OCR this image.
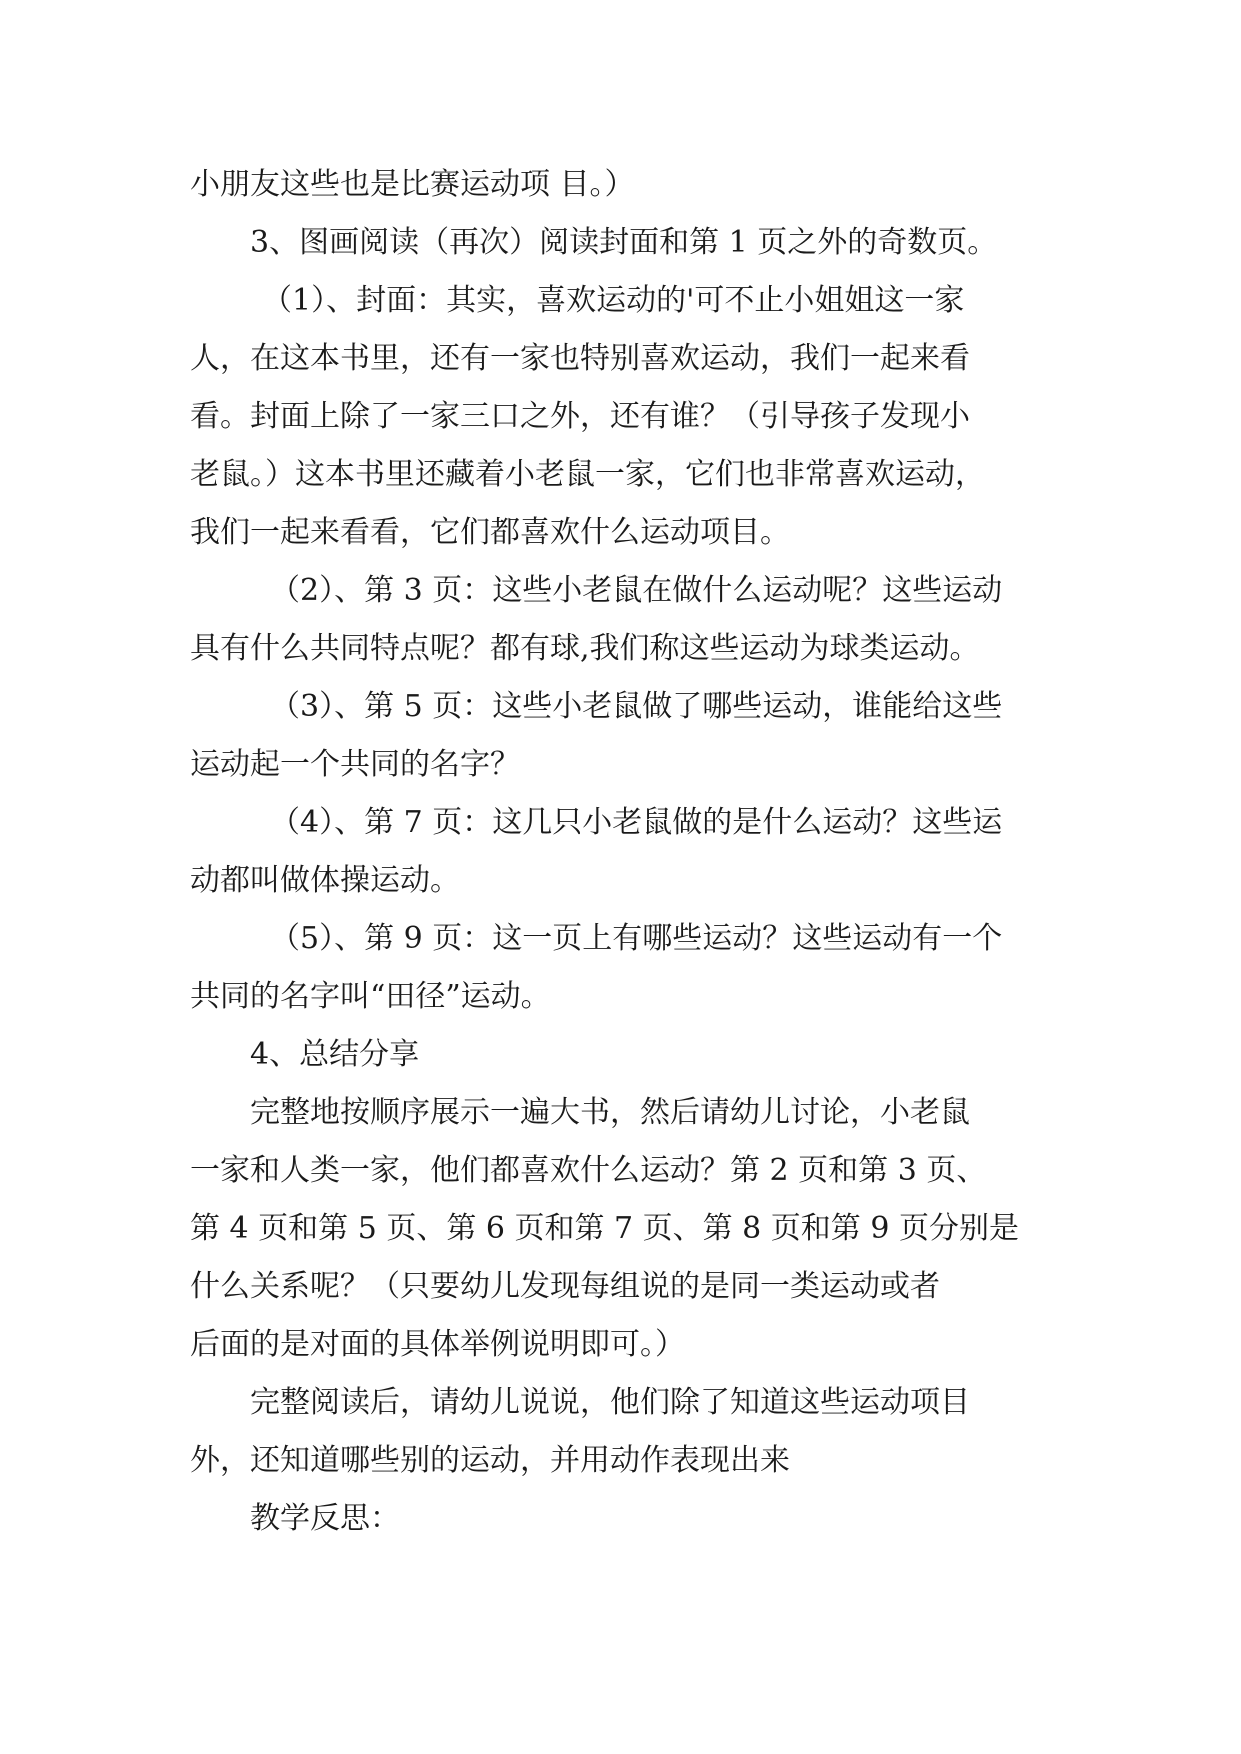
小朋友这些也是比赛运动项 目。）
3、图画阅读（再次）阅读封面和第 1 页之外的奇数页。
（1）、封面：其实，喜欢运动的'可不止小姐姐这一家
人，在这本书里，还有一家也特别喜欢运动，我们一起来看
看。封面上除了一家三口之外，还有谁？（引导孩子发现小
老鼠。）这本书里还藏着小老鼠一家，它们也非常喜欢运动，
我们一起来看看，它们都喜欢什么运动项目。
（2）、第 3 页：这些小老鼠在做什么运动呢？这些运动
具有什么共同特点呢？都有球,我们称这些运动为球类运动。
（3）、第 5 页：这些小老鼠做了哪些运动，谁能给这些
运动起一个共同的名字？
（4）、第 7 页：这几只小老鼠做的是什么运动？这些运
动都叫做体操运动。
（5）、第 9 页：这一页上有哪些运动？这些运动有一个
共同的名字叫“田径”运动。
4、总结分享
完整地按顺序展示一遍大书，然后请幼儿讨论，小老鼠
一家和人类一家，他们都喜欢什么运动？第 2 页和第 3 页、
第 4 页和第 5 页、第 6 页和第 7 页、第 8 页和第 9 页分别是
什么关系呢？（只要幼儿发现每组说的是同一类运动或者
后面的是对面的具体举例说明即可。）
完整阅读后，请幼儿说说，他们除了知道这些运动项目
外，还知道哪些别的运动，并用动作表现出来
教学反思：
